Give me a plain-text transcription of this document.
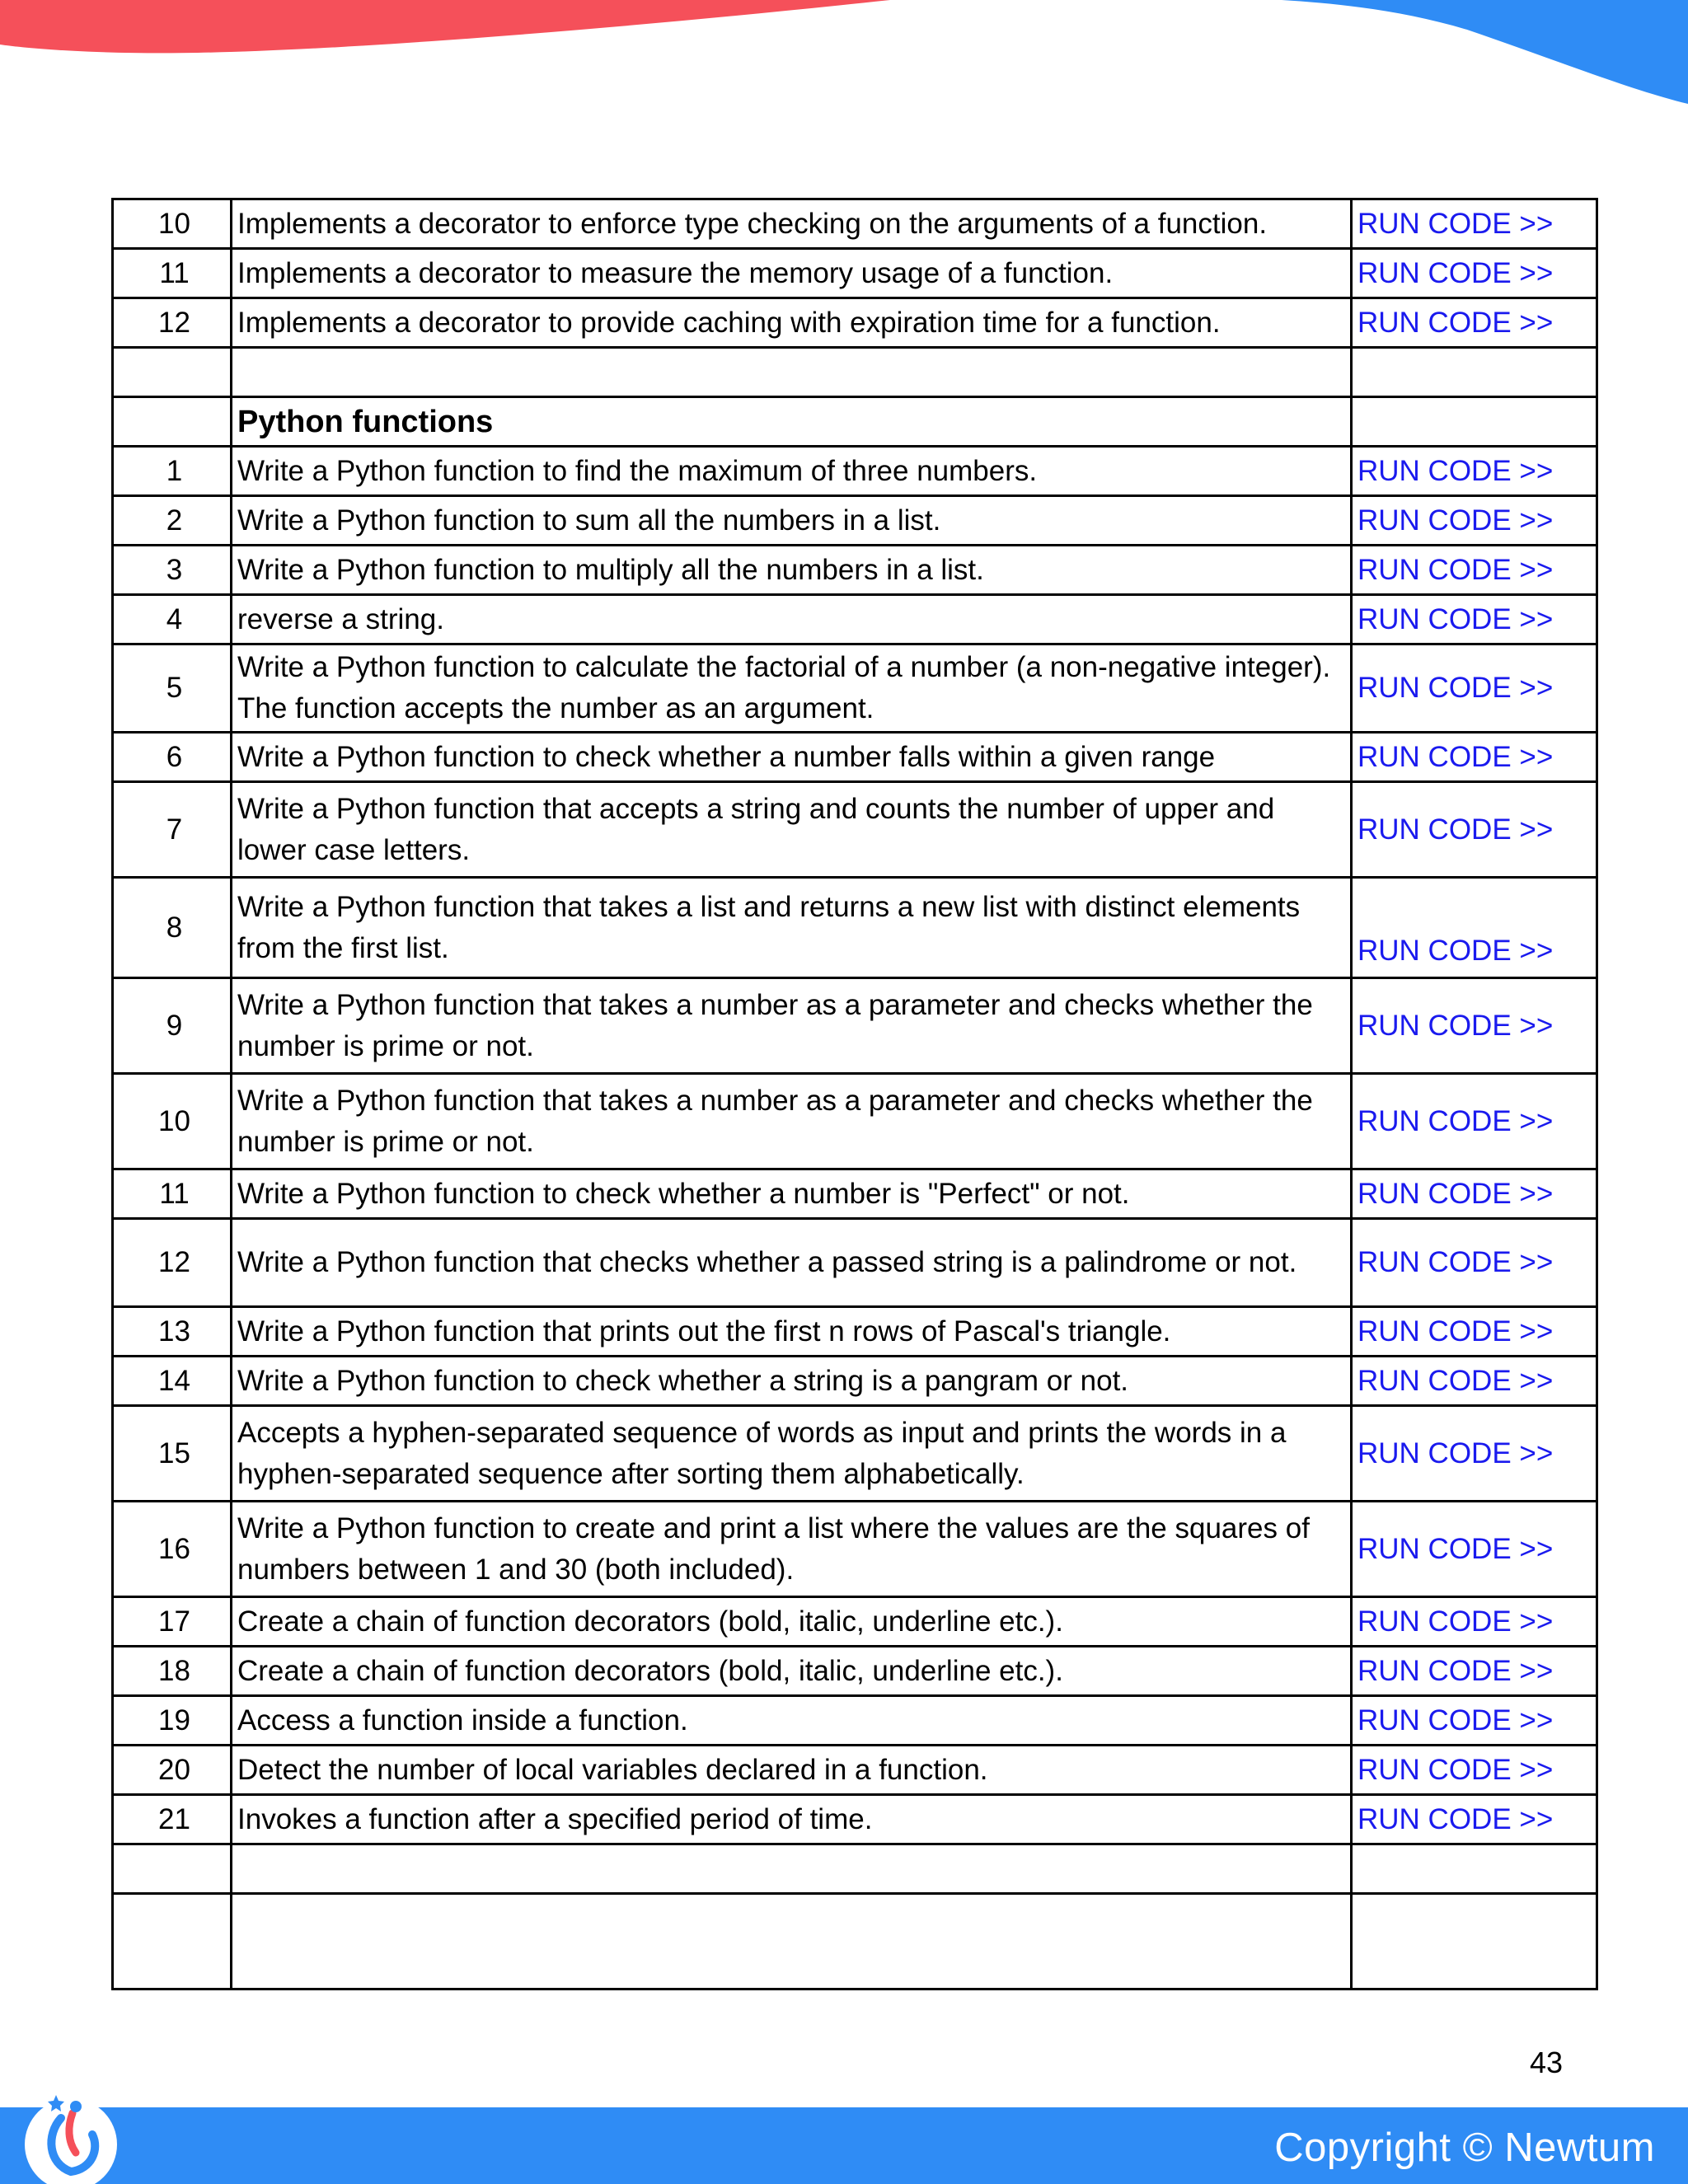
10	Implements a decorator to enforce type checking on the arguments of a function.	RUN CODE >>
11	Implements a decorator to measure the memory usage of a function.	RUN CODE >>
12	Implements a decorator to provide caching with expiration time for a function.	RUN CODE >>

	Python functions	
1	Write a Python function to find the maximum of three numbers.	RUN CODE >>
2	Write a Python function to sum all the numbers in a list.	RUN CODE >>
3	Write a Python function to multiply all the numbers in a list.	RUN CODE >>
4	reverse a string.	RUN CODE >>
5	Write a Python function to calculate the factorial of a number (a non-negative integer). The function accepts the number as an argument.	RUN CODE >>
6	Write a Python function to check whether a number falls within a given range	RUN CODE >>
7	Write a Python function that accepts a string and counts the number of upper and lower case letters.	RUN CODE >>
8	Write a Python function that takes a list and returns a new list with distinct elements from the first list.	RUN CODE >>
9	Write a Python function that takes a number as a parameter and checks whether the number is prime or not.	RUN CODE >>
10	Write a Python function that takes a number as a parameter and checks whether the number is prime or not.	RUN CODE >>
11	Write a Python function to check whether a number is "Perfect" or not.	RUN CODE >>
12	Write a Python function that checks whether a passed string is a palindrome or not.	RUN CODE >>
13	Write a Python function that prints out the first n rows of Pascal's triangle.	RUN CODE >>
14	Write a Python function to check whether a string is a pangram or not.	RUN CODE >>
15	Accepts a hyphen-separated sequence of words as input and prints the words in a hyphen-separated sequence after sorting them alphabetically.	RUN CODE >>
16	Write a Python function to create and print a list where the values are the squares of numbers between 1 and 30 (both included).	RUN CODE >>
17	Create a chain of function decorators (bold, italic, underline etc.).	RUN CODE >>
18	Create a chain of function decorators (bold, italic, underline etc.).	RUN CODE >>
19	Access a function inside a function.	RUN CODE >>
20	Detect the number of local variables declared in a function.	RUN CODE >>
21	Invokes a function after a specified period of time.	RUN CODE >>

43
Copyright © Newtum
